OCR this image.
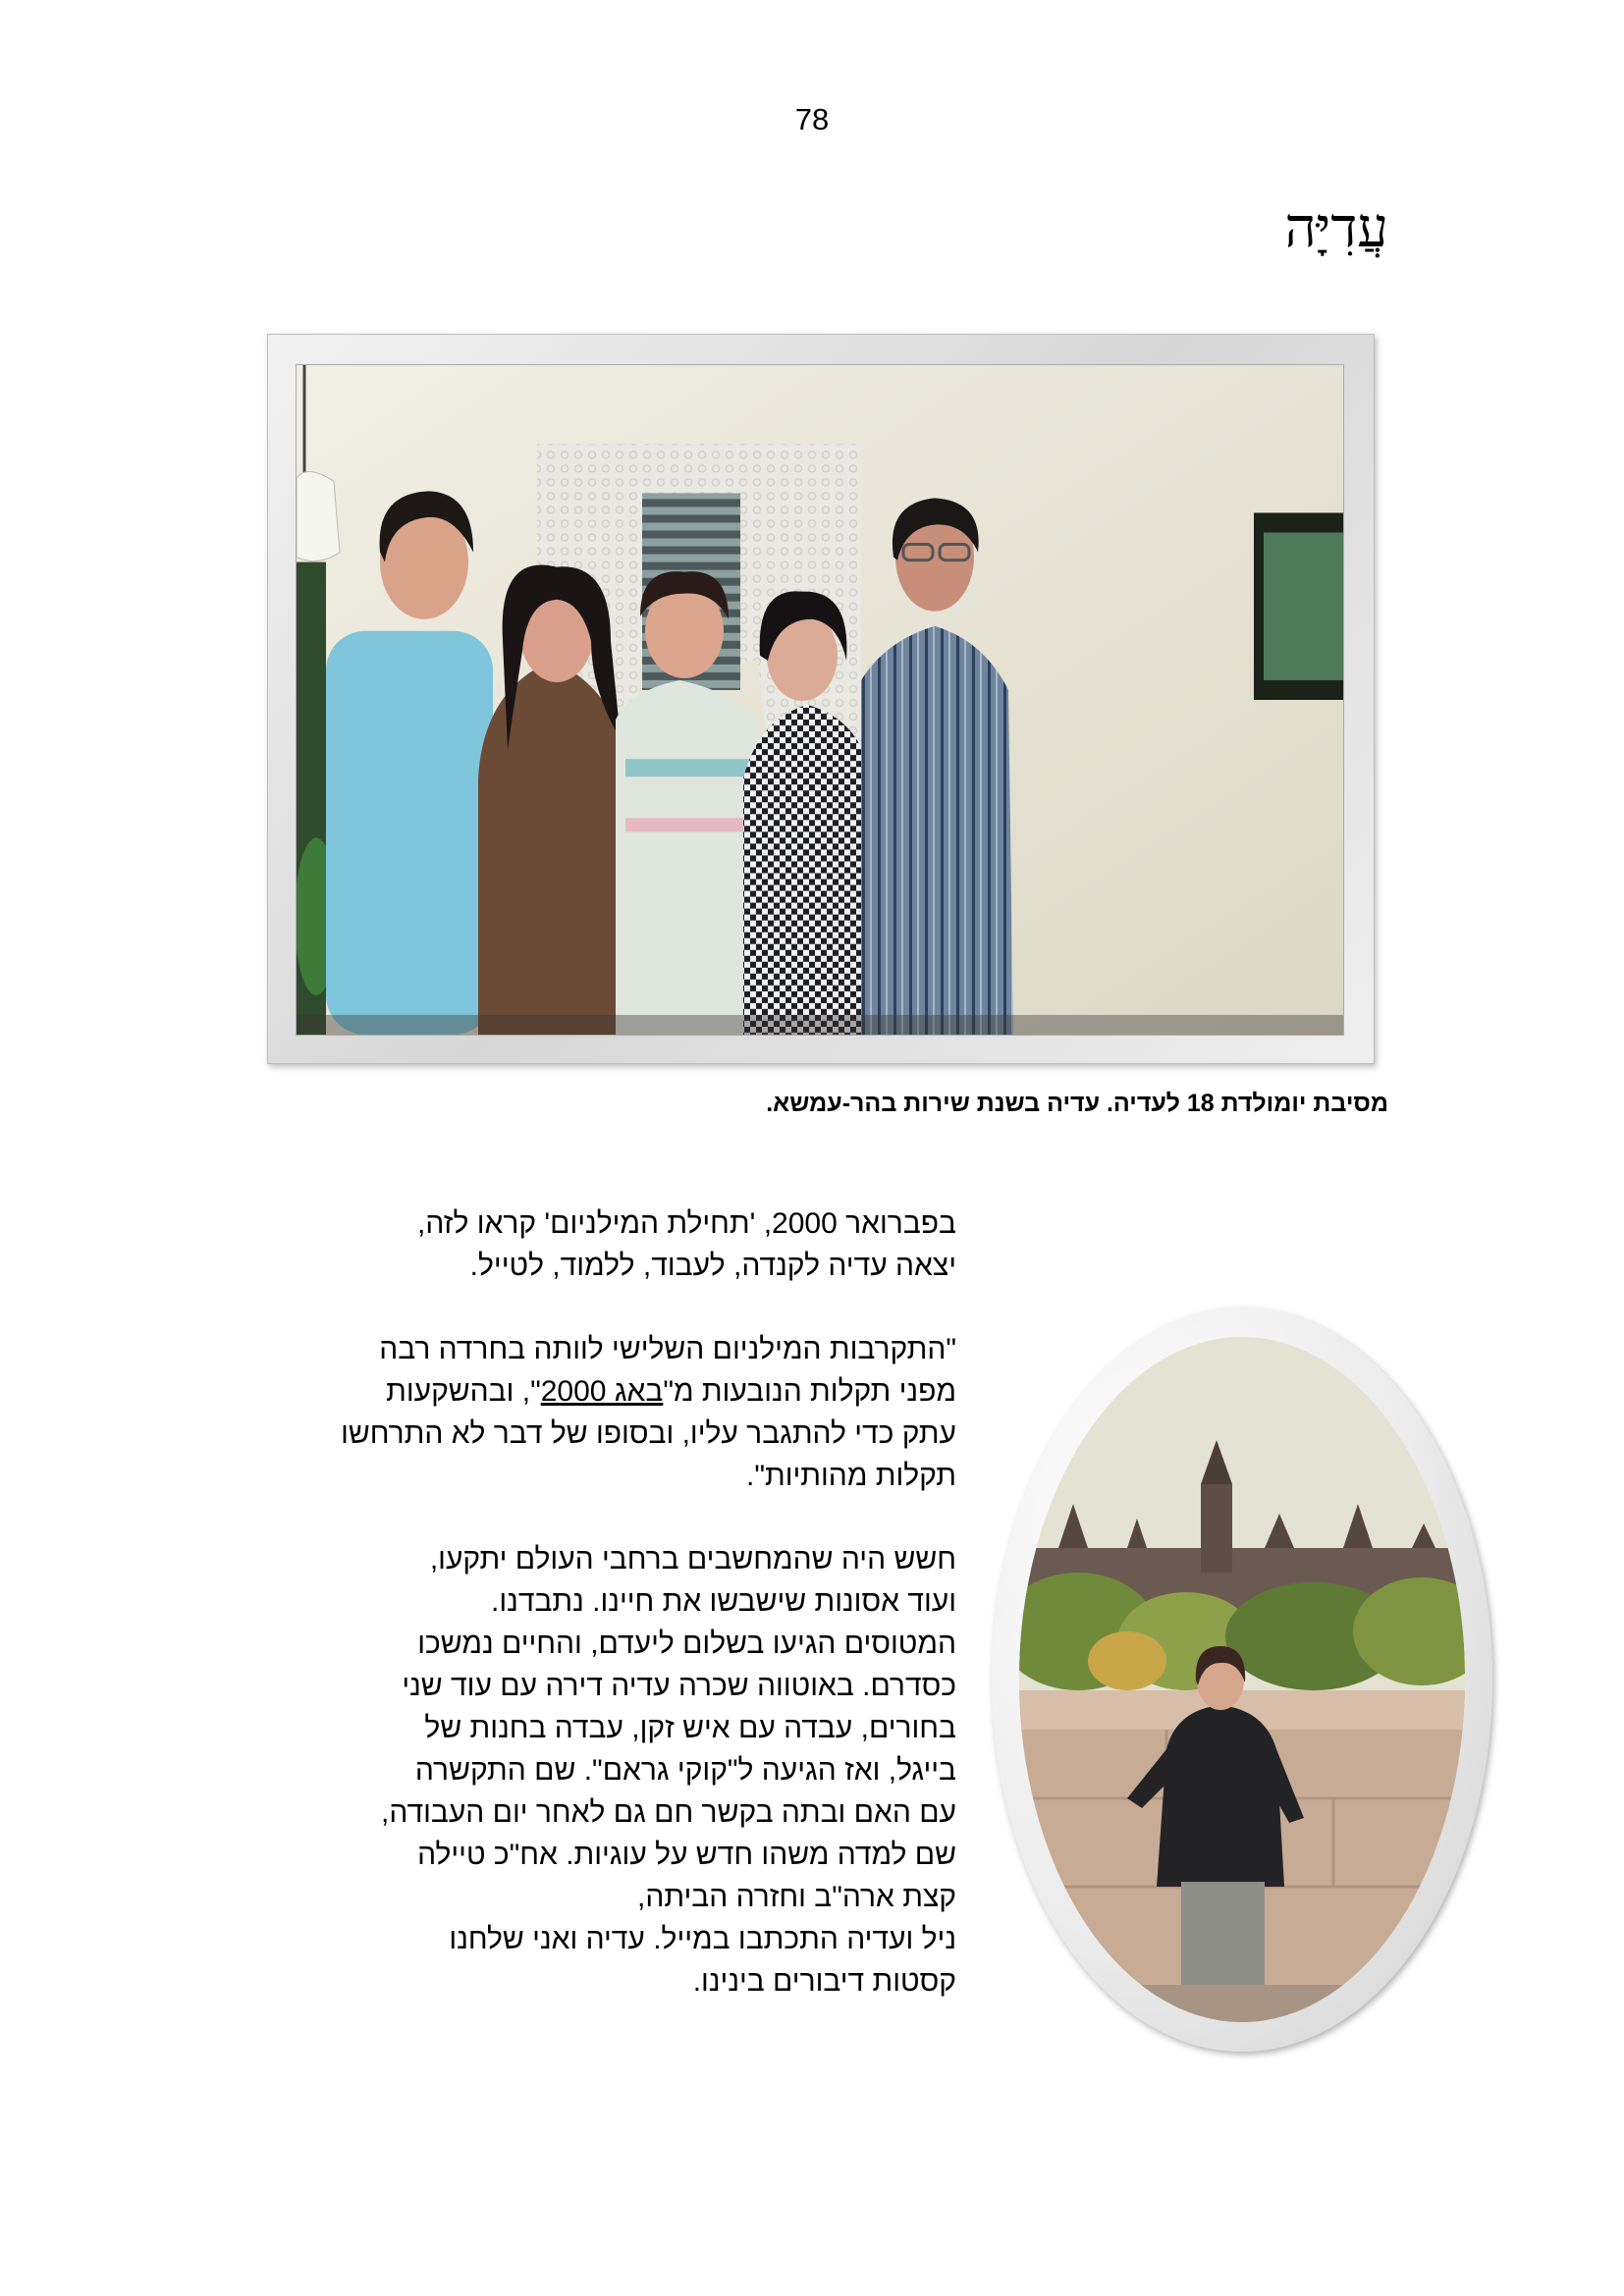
78
עֲדִיָּה

מסיבת יומולדת 18 לעדיה. עדיה בשנת שירות בהר-עמשא.

בפברואר 2000, 'תחילת המילניום' קראו לזה,
יצאה עדיה לקנדה, לעבוד, ללמוד, לטייל.

"התקרבות המילניום השלישי לוותה בחרדה רבה
מפני תקלות הנובעות מ"באג 2000", ובהשקעות
עתק כדי להתגבר עליו, ובסופו של דבר לא התרחשו
תקלות מהותיות".

חשש היה שהמחשבים ברחבי העולם יתקעו,
ועוד אסונות שישבשו את חיינו. נתבדנו.
המטוסים הגיעו בשלום ליעדם, והחיים נמשכו
כסדרם. באוטווה שכרה עדיה דירה עם עוד שני
בחורים, עבדה עם איש זקן, עבדה בחנות של
בייגל, ואז הגיעה ל"קוקי גראם". שם התקשרה
עם האם ובתה בקשר חם גם לאחר יום העבודה,
שם למדה משהו חדש על עוגיות. אח"כ טיילה
קצת ארה"ב וחזרה הביתה,
ניל ועדיה התכתבו במייל. עדיה ואני שלחנו
קסטות דיבורים בינינו.
